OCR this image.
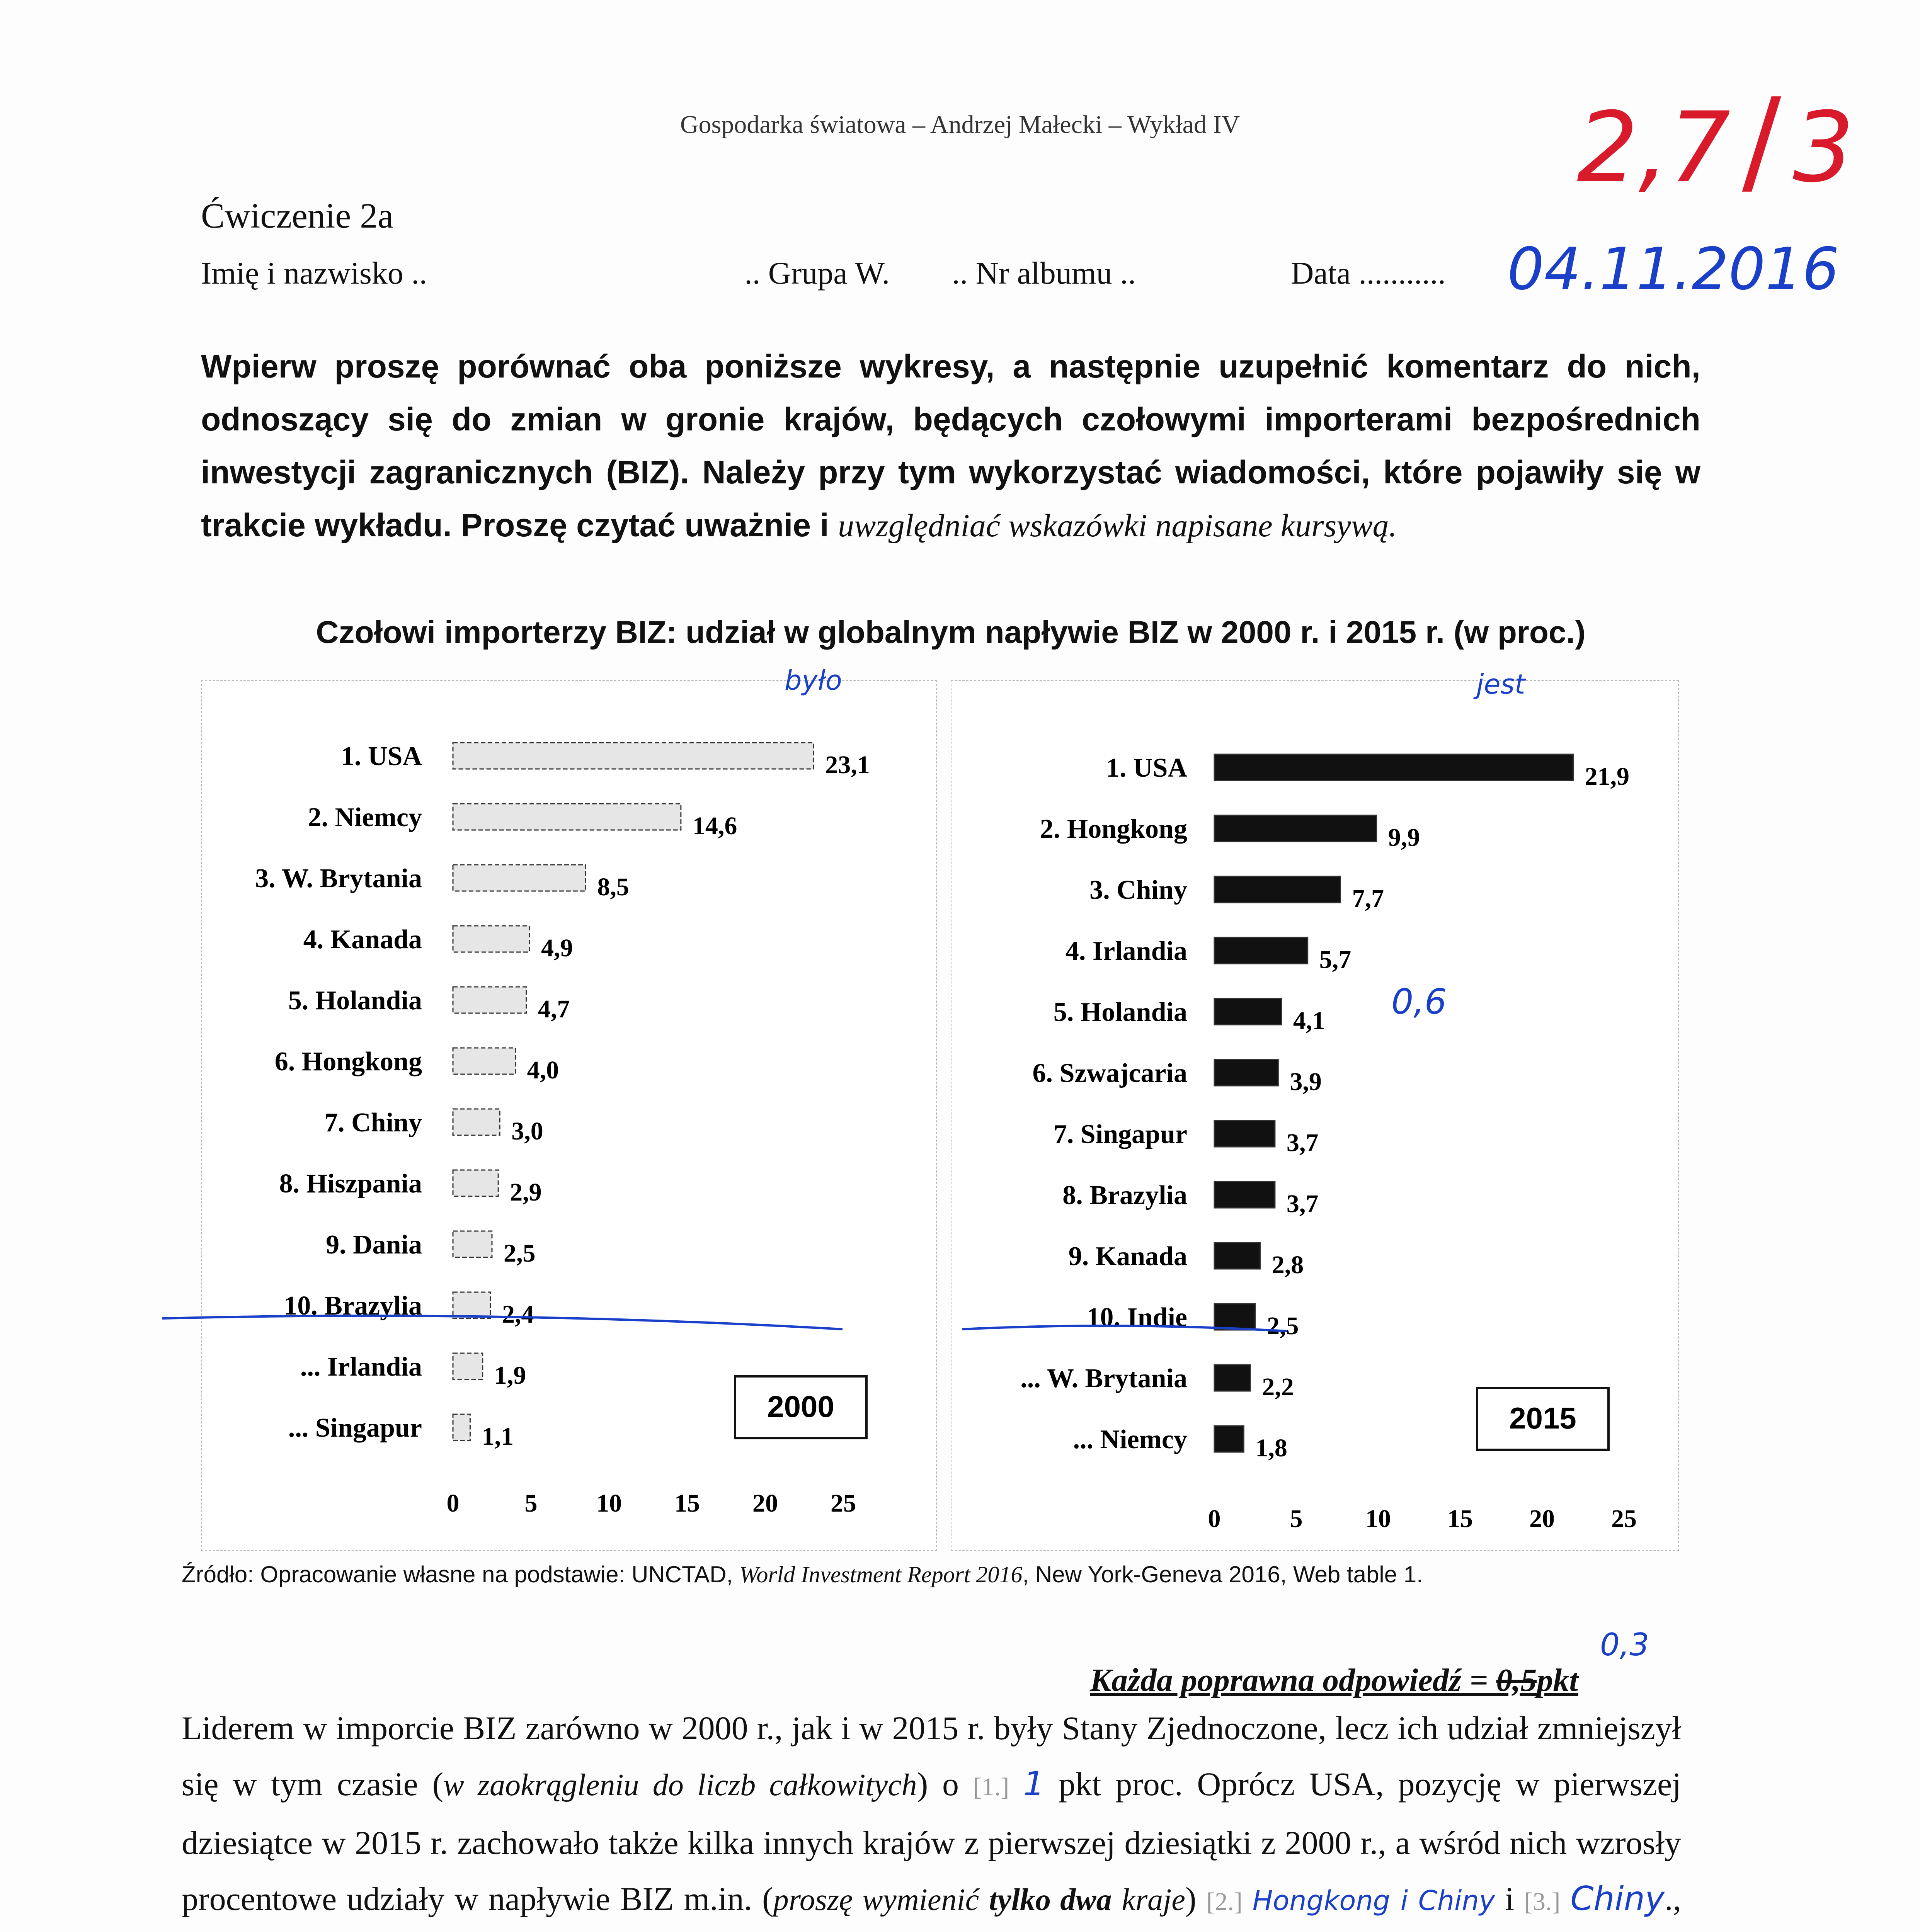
Gospodarka światowa – Andrzej Małecki – Wykład IV	2,7 / 3
Ćwiczenie 2a
Imię i nazwisko ..	.. Grupa W. .. Nr albumu ..	Data ...........	04.11.2016
Wpierw proszę porównać oba poniższe wykresy, a następnie uzupełnić komentarz do nich, odnoszący się do zmian w gronie krajów, będących czołowymi importerami bezpośrednich inwestycji zagranicznych (BIZ). Należy przy tym wykorzystać wiadomości, które pojawiły się w trakcie wykładu. Proszę czytać uważnie i uwzględniać wskazówki napisane kursywą.
Czołowi importerzy BIZ: udział w globalnym napływie BIZ w 2000 r. i 2015 r. (w proc.)
1. USA	23,1
2. Niemcy	14,6
3. W. Brytania	8,5
4. Kanada	4,9
5. Holandia	4,7
6. Hongkong	4,0
7. Chiny	3,0
8. Hiszpania	2,9
9. Dania	2,5
10. Brazylia	2,4
... Irlandia	1,9
... Singapur 1,1
2000
0	5 10 15 20 25
1. USA	21,9
2. Hongkong	9,9
3. Chiny	7,7
4. Irlandia	5,7
5. Holandia	4,1
6. Szwajcaria	3,9
7. Singapur	3,7
8. Brazylia	3,7
9. Kanada	2,8
10. Indie	2,5
... W. Brytania	2,2
... Niemcy	1,8
2015
0	5 10 15 20 25
było	jest
0,6
Źródło: Opracowanie własne na podstawie: UNCTAD, World Investment Report 2016, New York-Geneva 2016, Web table 1.
Każda poprawna odpowiedź = 0,5pkt
0,3
Liderem w imporcie BIZ zarówno w 2000 r., jak i w 2015 r. były Stany Zjednoczone, lecz ich udział zmniejszył się w tym czasie (w zaokrągleniu do liczb całkowitych) o [1.] 1 pkt proc. Oprócz USA, pozycję w pierwszej dziesiątce w 2015 r. zachowało także kilka innych krajów z pierwszej dziesiątki z 2000 r., a wśród nich wzrosły procentowe udziały w napływie BIZ m.in. (proszę wymienić tylko dwa kraje) [2.] Hongkong i Chiny i [3.] Chiny.,
